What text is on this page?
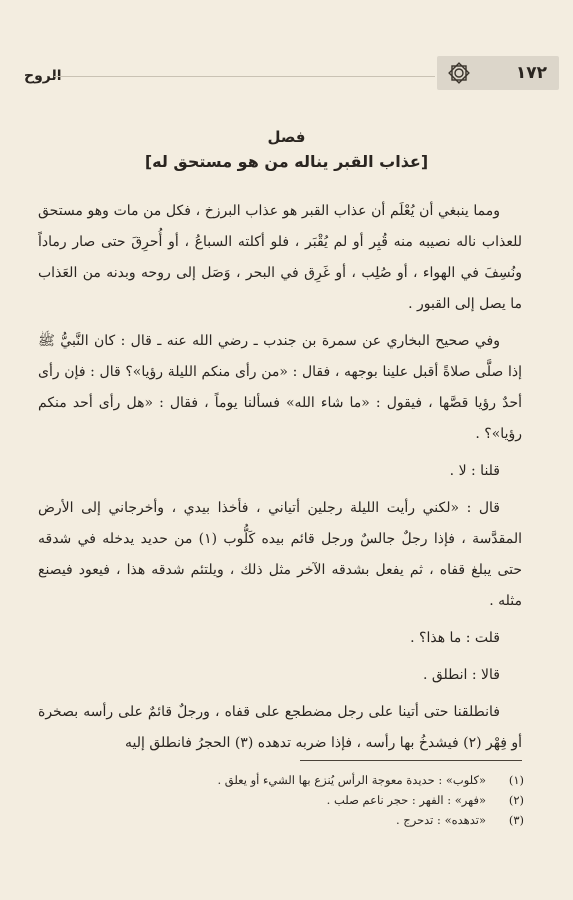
الروح	١٧٢
فصل
[عذاب القبر يناله من هو مستحق له]

ومما ينبغي أن يُعْلَم أن عذاب القبر هو عذاب البرزخ ، فكل من مات وهو مستحق للعذاب ناله نصيبه منه قُبِر أو لم يُقْبَر ، فلو أكلته السباعُ ، أو أُحرِقَ حتى صار رماداً ونُسِفَ في الهواء ، أو صُلِب ، أو غَرِق في البحر ، وَصَل إلى روحه وبدنه من العَذاب ما يصل إلى القبور .

وفي صحيح البخاري عن سمرة بن جندب ـ رضي الله عنه ـ قال : كان النَّبيُّ ﷺ إذا صلَّى صلاةً أقبل علينا بوجهه ، فقال : «من رأى منكم الليلة رؤيا»؟ قال : فإن رأى أحدٌ رؤيا قصَّها ، فيقول : «ما شاء الله» فسألنا يوماً ، فقال : «هل رأى أحد منكم رؤيا»؟ .

قلنا : لا .

قال : «لكني رأيت الليلة رجلين أتياني ، فأخذا بيدي ، وأخرجاني إلى الأرض المقدَّسة ، فإذا رجلٌ جالسٌ ورجل قائم بيده كَلُّوب (١) من حديد يدخله في شدقه حتى يبلغ قفاه ، ثم يفعل بشدقه الآخر مثل ذلك ، ويلتئم شدقه هذا ، فيعود فيصنع مثله .

قلت : ما هذا؟ .

قالا : انطلق .

فانطلقنا حتى أتينا على رجل مضطجع على قفاه ، ورجلٌ قائمٌ على رأسه بصخرة أو فِهْر (٢) فيشدخُ بها رأسه ، فإذا ضربه تدهده (٣) الحجرُ فانطلق إليه

(١)
«كلوب» : حديدة معوجة الرأس يُنزع بها الشيء أو يعلق .
(٢)
«فهر» : الفهر : حجر ناعم صلب .
(٣)
«تدهده» : تدحرج .
